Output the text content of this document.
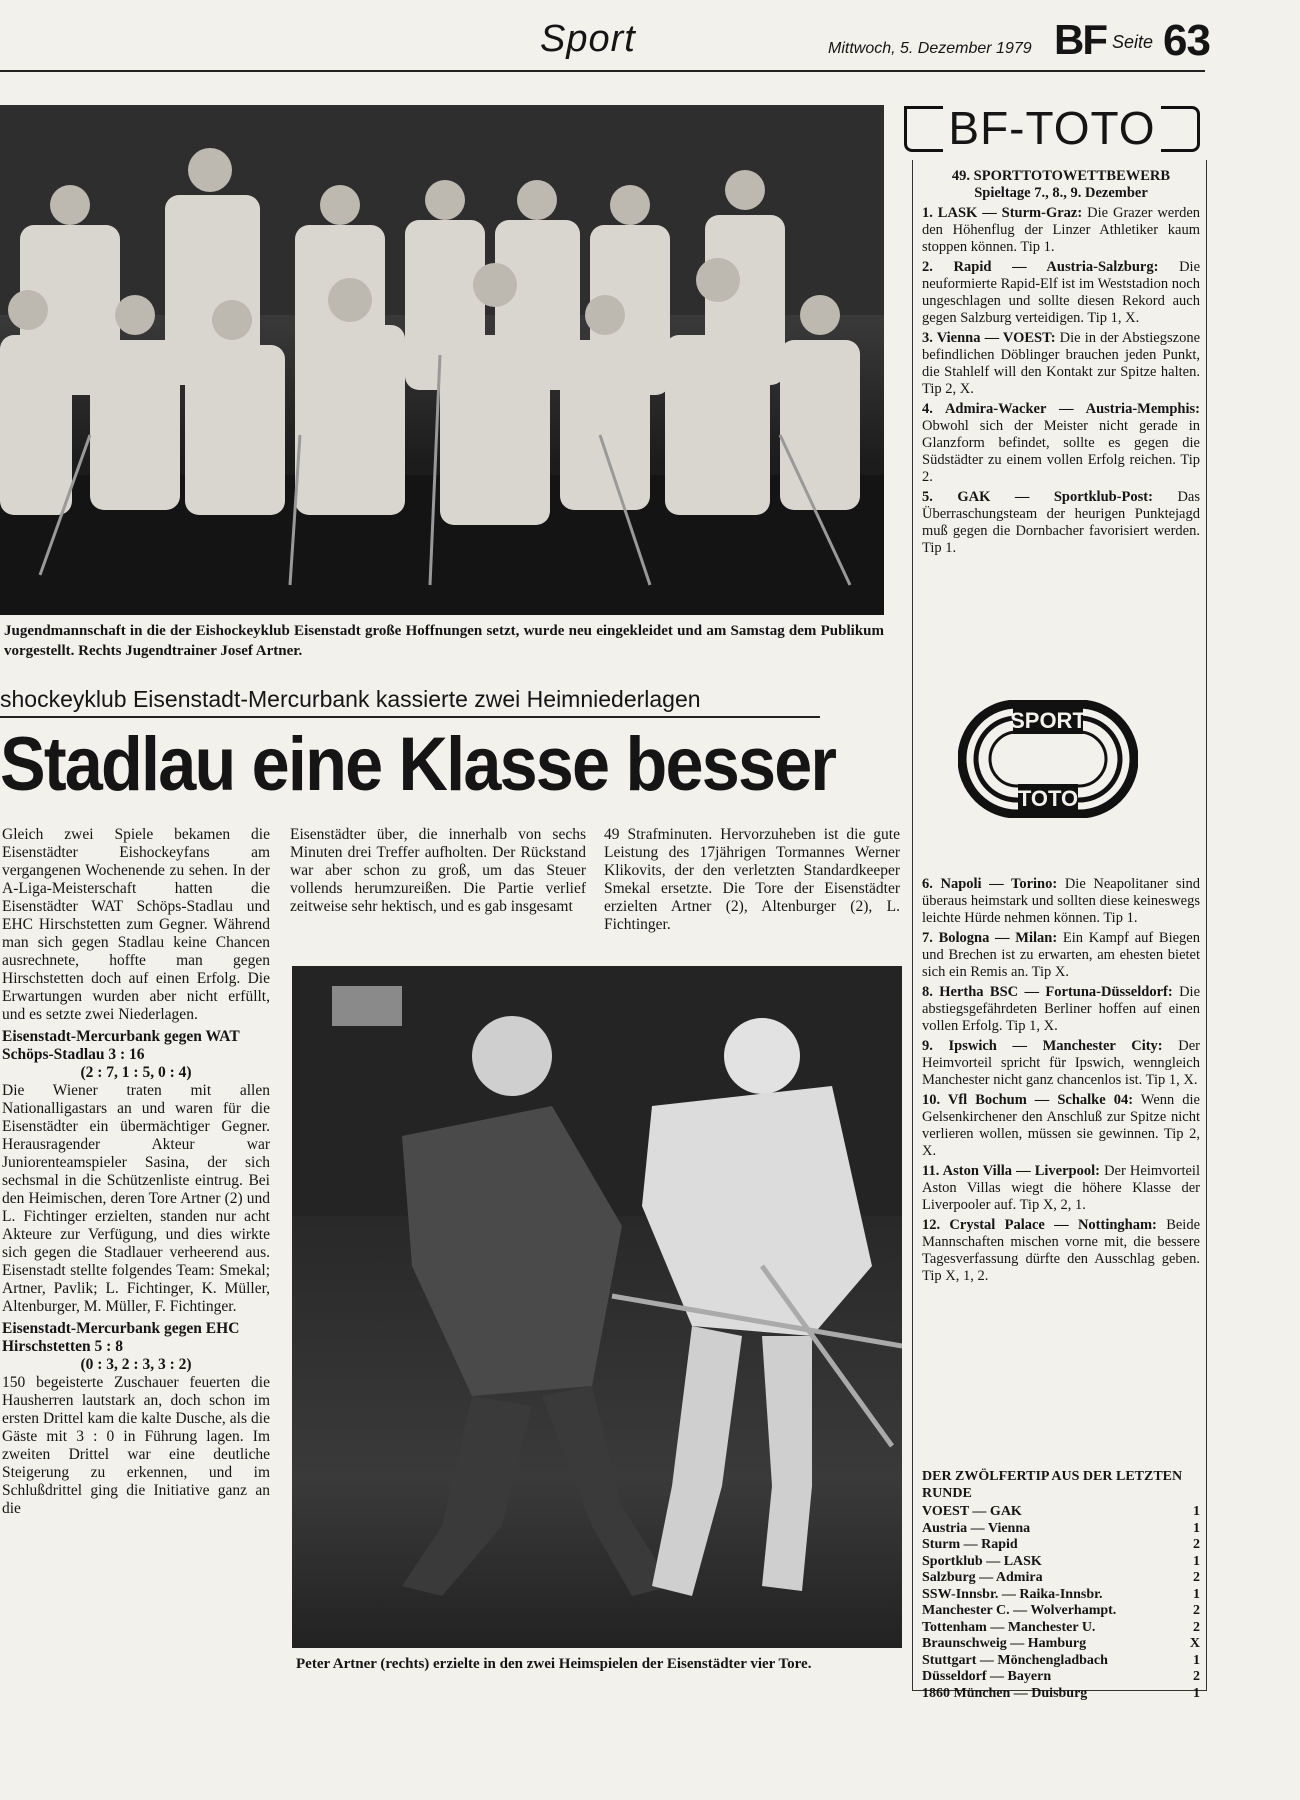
Sport	Mittwoch, 5. Dezember 1979 BF Seite 63
Jugendmannschaft in die der Eishockeyklub Eisenstadt große Hoffnungen setzt, wurde neu eingekleidet und am Samstag dem Publikum vorgestellt. Rechts Jugendtrainer Josef Artner.
shockeyklub Eisenstadt-Mercurbank kassierte zwei Heimniederlagen
Stadlau eine Klasse besser

Gleich zwei Spiele bekamen die Eisenstädter Eishockeyfans am vergangenen Wochenende zu sehen. In der A-Liga-Meisterschaft hatten die Eisenstädter WAT Schöps-Stadlau und EHC Hirschstetten zum Gegner. Während man sich gegen Stadlau keine Chancen ausrechnete, hoffte man gegen Hirschstetten doch auf einen Erfolg. Die Erwartungen wurden aber nicht erfüllt, und es setzte zwei Niederlagen.

Eisenstadt-Mercurbank gegen WAT Schöps-Stadlau 3 : 16

(2 : 7, 1 : 5, 0 : 4)

Die Wiener traten mit allen Nationalligastars an und waren für die Eisenstädter ein übermächtiger Gegner. Herausragender Akteur war Juniorenteamspieler Sasina, der sich sechsmal in die Schützenliste eintrug. Bei den Heimischen, deren Tore Artner (2) und L. Fichtinger erzielten, standen nur acht Akteure zur Verfügung, und dies wirkte sich gegen die Stadlauer verheerend aus. Eisenstadt stellte folgendes Team: Smekal; Artner, Pavlik; L. Fichtinger, K. Müller, Altenburger, M. Müller, F. Fichtinger.

Eisenstadt-Mercurbank gegen EHC Hirschstetten 5 : 8

(0 : 3, 2 : 3, 3 : 2)

150 begeisterte Zuschauer feuerten die Hausherren lautstark an, doch schon im ersten Drittel kam die kalte Dusche, als die Gäste mit 3 : 0 in Führung lagen. Im zweiten Drittel war eine deutliche Steigerung zu erkennen, und im Schlußdrittel ging die Initiative ganz an die

Eisenstädter über, die innerhalb von sechs Minuten drei Treffer aufholten. Der Rückstand war aber schon zu groß, um das Steuer vollends herumzureißen. Die Partie verlief zeitweise sehr hektisch, und es gab insgesamt

49 Strafminuten. Hervorzuheben ist die gute Leistung des 17jährigen Tormannes Werner Klikovits, der den verletzten Standardkeeper Smekal ersetzte. Die Tore der Eisenstädter erzielten Artner (2), Altenburger (2), L. Fichtinger.

Peter Artner (rechts) erzielte in den zwei Heimspielen der Eisenstädter vier Tore.
BF-TOTO

49. SPORTTOTOWETTBEWERB

Spieltage 7., 8., 9. Dezember

1. LASK — Sturm-Graz: Die Grazer werden den Höhenflug der Linzer Athletiker kaum stoppen können. Tip 1.

2. Rapid — Austria-Salzburg: Die neuformierte Rapid-Elf ist im Weststadion noch ungeschlagen und sollte diesen Rekord auch gegen Salzburg verteidigen. Tip 1, X.

3. Vienna — VOEST: Die in der Abstiegszone befindlichen Döblinger brauchen jeden Punkt, die Stahlelf will den Kontakt zur Spitze halten. Tip 2, X.

4. Admira-Wacker — Austria-Memphis: Obwohl sich der Meister nicht gerade in Glanzform befindet, sollte es gegen die Südstädter zu einem vollen Erfolg reichen. Tip 2.

5. GAK — Sportklub-Post: Das Überraschungsteam der heurigen Punktejagd muß gegen die Dornbacher favorisiert werden. Tip 1.

SPORT
TOTO

6. Napoli — Torino: Die Neapolitaner sind überaus heimstark und sollten diese keineswegs leichte Hürde nehmen können. Tip 1.

7. Bologna — Milan: Ein Kampf auf Biegen und Brechen ist zu erwarten, am ehesten bietet sich ein Remis an. Tip X.

8. Hertha BSC — Fortuna-Düsseldorf: Die abstiegsgefährdeten Berliner hoffen auf einen vollen Erfolg. Tip 1, X.

9. Ipswich — Manchester City: Der Heimvorteil spricht für Ipswich, wenngleich Manchester nicht ganz chancenlos ist. Tip 1, X.

10. Vfl Bochum — Schalke 04: Wenn die Gelsenkirchener den Anschluß zur Spitze nicht verlieren wollen, müssen sie gewinnen. Tip 2, X.

11. Aston Villa — Liverpool: Der Heimvorteil Aston Villas wiegt die höhere Klasse der Liverpooler auf. Tip X, 2, 1.

12. Crystal Palace — Nottingham: Beide Mannschaften mischen vorne mit, die bessere Tagesverfassung dürfte den Ausschlag geben. Tip X, 1, 2.

DER ZWÖLFERTIP AUS DER LETZTEN RUNDE
VOEST — GAK	1
Austria — Vienna	1
Sturm — Rapid	2
Sportklub — LASK	1
Salzburg — Admira	2
SSW-Innsbr. — Raika-Innsbr.	1
Manchester C. — Wolverhampt.	2
Tottenham — Manchester U.	2
Braunschweig — Hamburg	X
Stuttgart — Mönchengladbach	1
Düsseldorf — Bayern	2
1860 München — Duisburg	1
